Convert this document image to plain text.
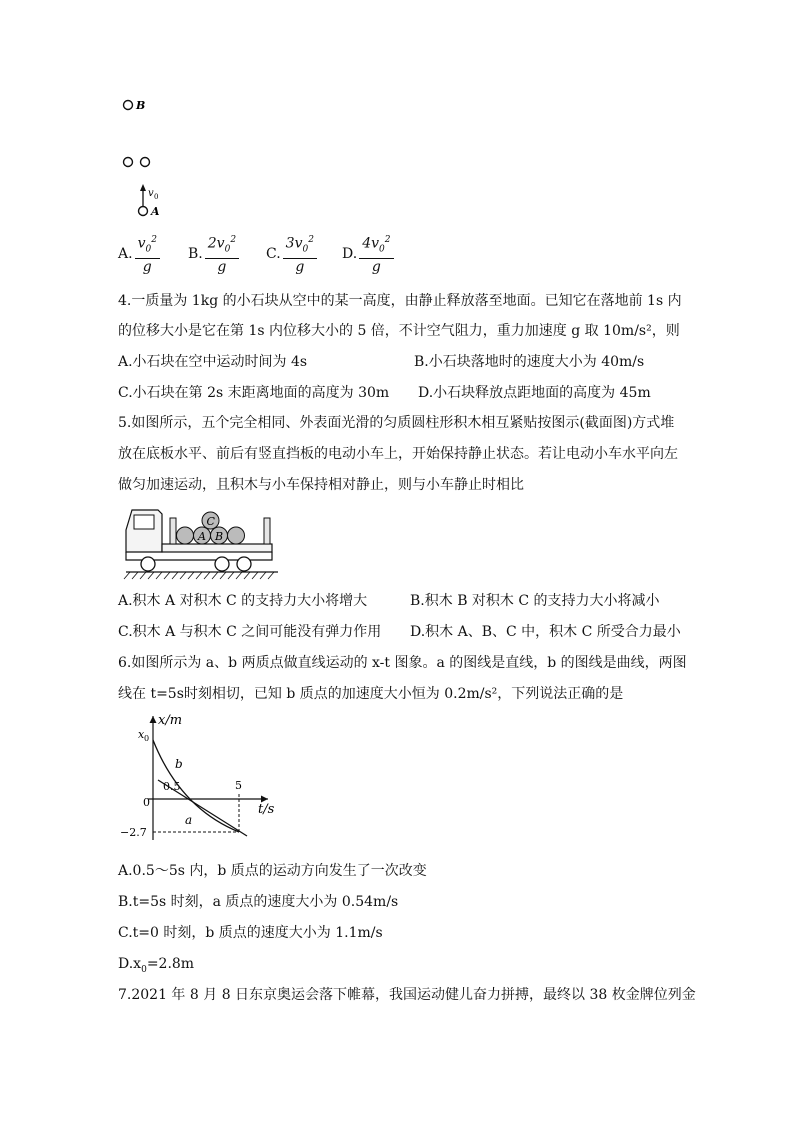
B
v 0
A
A. $\frac{v_0^2}{g} B$. $\frac{2v_0^2}{g} C$. $\frac{3v_0^2}{g} D$. $\frac{4v_0^2}{g}$
4.一质量为 1kg 的小石块从空中的某一高度，由静止释放落至地面。已知它在落地前 1s 内
的位移大小是它在第 1s 内位移大小的 5 倍，不计空气阻力，重力加速度 g 取 10m/s²，则
A.小石块在空中运动时间为 4s	B.小石块落地时的速度大小为 40m/s
C.小石块在第 2s 末距离地面的高度为 30m D.小石块释放点距地面的高度为 45m
5.如图所示，五个完全相同、外表面光滑的匀质圆柱形积木相互紧贴按图示(截面图)方式堆
放在底板水平、前后有竖直挡板的电动小车上，开始保持静止状态。若让电动小车水平向左
做匀加速运动，且积木与小车保持相对静止，则与小车静止时相比
A B
C
A.积木 A 对积木 C 的支持力大小将增大	B.积木 B 对积木 C 的支持力大小将减小
C.积木 A 与积木 C 之间可能没有弹力作用 D.积木 A、B、C 中，积木 C 所受合力最小
6.如图所示为 a、b 两质点做直线运动的 x-t 图象。a 的图线是直线，b 的图线是曲线，两图
线在 t=5s时刻相切，已知 b 质点的加速度大小恒为 0.2m/s²，下列说法正确的是
x/m
t/s
x 0
0
0.5	5
−2.7
b
a
A.0.5～5s 内，b 质点的运动方向发生了一次改变
B.t=5s 时刻，a 质点的速度大小为 0.54m/s
C.t=0 时刻，b 质点的速度大小为 1.1m/s
$D.x_0=2.8m$
7.2021 年 8 月 8 日东京奥运会落下帷幕，我国运动健儿奋力拼搏，最终以 38 枚金牌位列金
